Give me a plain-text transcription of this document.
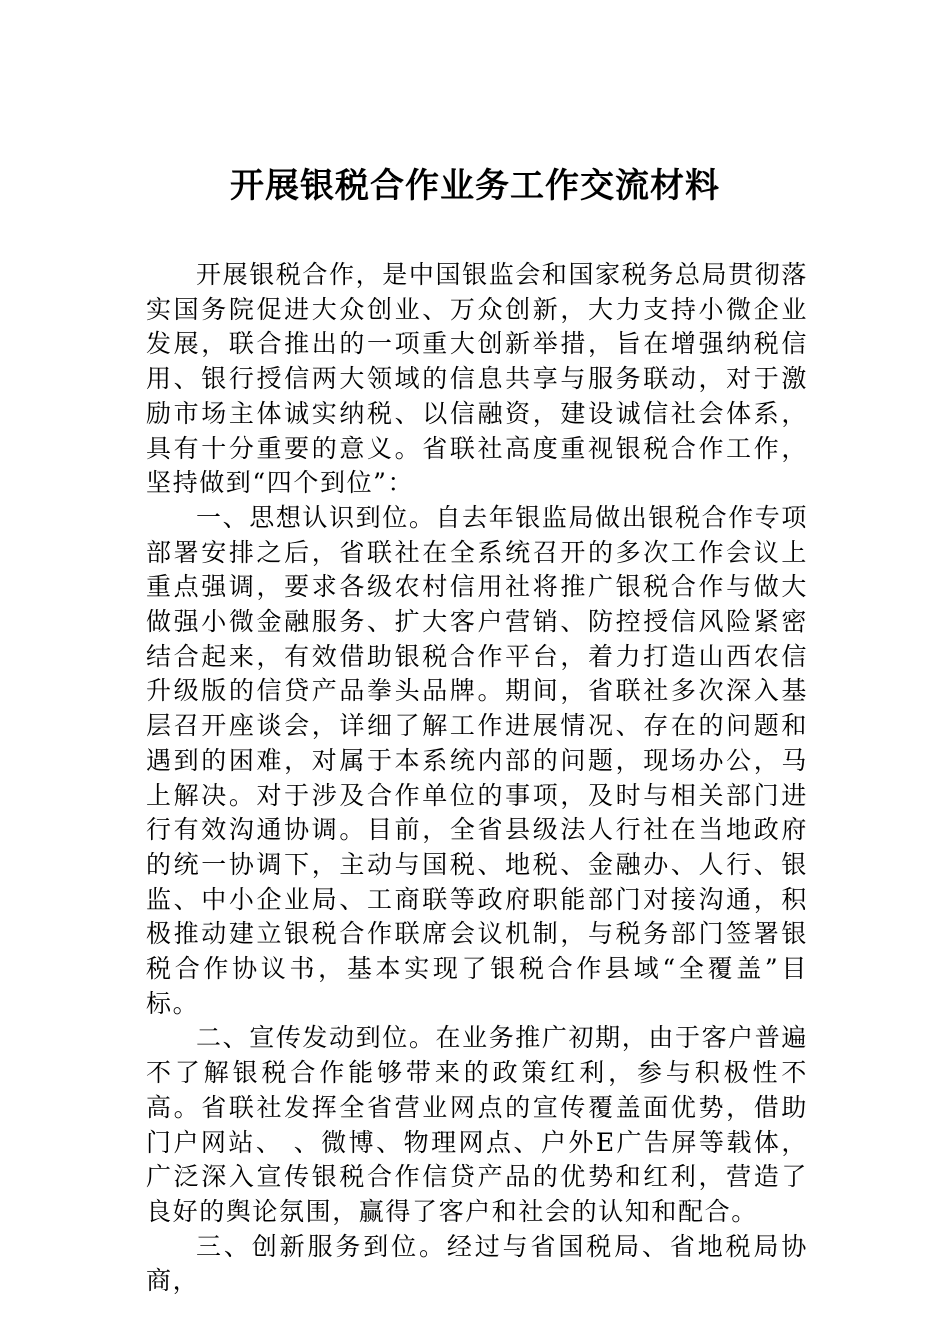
开展银税合作业务工作交流材料

开展银税合作，是中国银监会和国家税务总局贯彻落实国务院促进大众创业、万众创新，大力支持小微企业发展，联合推出的一项重大创新举措，旨在增强纳税信用、银行授信两大领域的信息共享与服务联动，对于激励市场主体诚实纳税、以信融资，建设诚信社会体系，具有十分重要的意义。省联社高度重视银税合作工作，坚持做到“四个到位”：

一、思想认识到位。自去年银监局做出银税合作专项部署安排之后，省联社在全系统召开的多次工作会议上重点强调，要求各级农村信用社将推广银税合作与做大做强小微金融服务、扩大客户营销、防控授信风险紧密结合起来，有效借助银税合作平台，着力打造山西农信升级版的信贷产品拳头品牌。期间，省联社多次深入基层召开座谈会，详细了解工作进展情况、存在的问题和遇到的困难，对属于本系统内部的问题，现场办公，马上解决。对于涉及合作单位的事项，及时与相关部门进行有效沟通协调。目前，全省县级法人行社在当地政府的统一协调下，主动与国税、地税、金融办、人行、银监、中小企业局、工商联等政府职能部门对接沟通，积极推动建立银税合作联席会议机制，与税务部门签署银税合作协议书，基本实现了银税合作县域“全覆盖”目标。

二、宣传发动到位。在业务推广初期，由于客户普遍不了解银税合作能够带来的政策红利，参与积极性不高。省联社发挥全省营业网点的宣传覆盖面优势，借助门户网站、 、微博、物理网点、户外E广告屏等载体，广泛深入宣传银税合作信贷产品的优势和红利，营造了良好的舆论氛围，赢得了客户和社会的认知和配合。

三、创新服务到位。经过与省国税局、省地税局协商，
